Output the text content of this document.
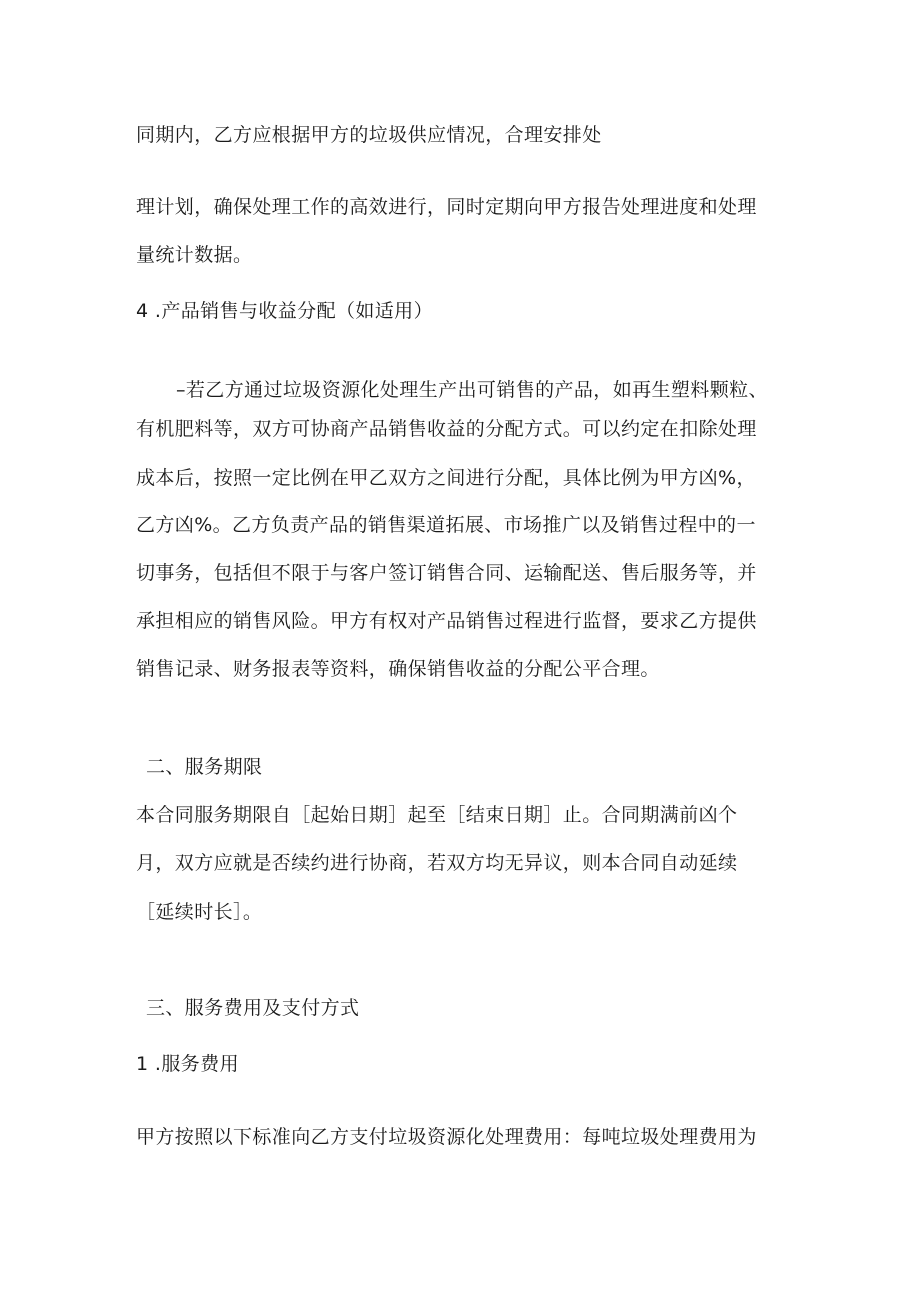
同期内，乙方应根据甲方的垃圾供应情况，合理安排处
理计划，确保处理工作的高效进行，同时定期向甲方报告处理进度和处理
量统计数据。
4 .产品销售与收益分配（如适用）
–若乙方通过垃圾资源化处理生产出可销售的产品，如再生塑料颗粒、
有机肥料等，双方可协商产品销售收益的分配方式。可以约定在扣除处理
成本后，按照一定比例在甲乙双方之间进行分配，具体比例为甲方凶%，
乙方凶%。乙方负责产品的销售渠道拓展、市场推广以及销售过程中的一
切事务，包括但不限于与客户签订销售合同、运输配送、售后服务等，并
承担相应的销售风险。甲方有权对产品销售过程进行监督，要求乙方提供
销售记录、财务报表等资料，确保销售收益的分配公平合理。
二、服务期限
本合同服务期限自［起始日期］起至［结束日期］止。合同期满前凶个
月，双方应就是否续约进行协商，若双方均无异议，则本合同自动延续
［延续时长］。
三、服务费用及支付方式
1 .服务费用
甲方按照以下标准向乙方支付垃圾资源化处理费用：每吨垃圾处理费用为
